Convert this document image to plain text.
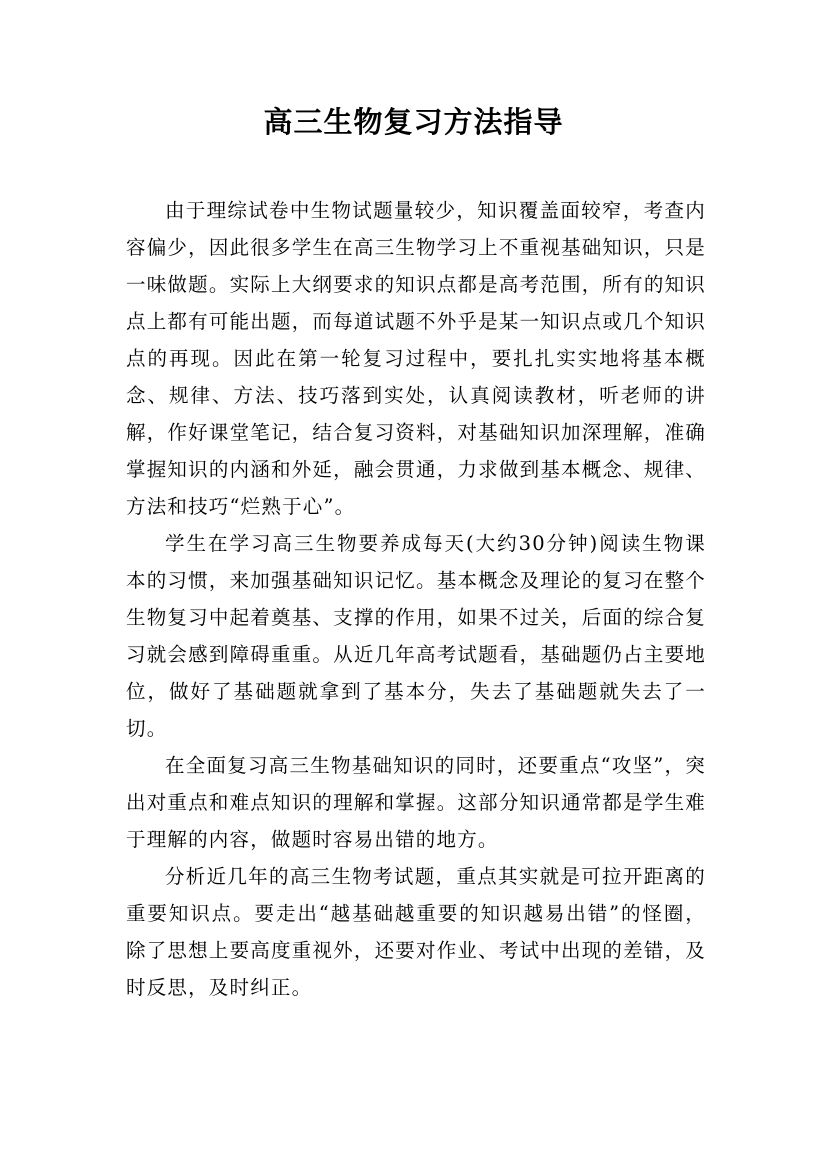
高三生物复习方法指导

由于理综试卷中生物试题量较少，知识覆盖面较窄，考查内容偏少，因此很多学生在高三生物学习上不重视基础知识，只是一味做题。实际上大纲要求的知识点都是高考范围，所有的知识点上都有可能出题，而每道试题不外乎是某一知识点或几个知识点的再现。因此在第一轮复习过程中，要扎扎实实地将基本概念、规律、方法、技巧落到实处，认真阅读教材，听老师的讲解，作好课堂笔记，结合复习资料，对基础知识加深理解，准确掌握知识的内涵和外延，融会贯通，力求做到基本概念、规律、方法和技巧“烂熟于心”。

学生在学习高三生物要养成每天(大约30分钟)阅读生物课本的习惯，来加强基础知识记忆。基本概念及理论的复习在整个生物复习中起着奠基、支撑的作用，如果不过关，后面的综合复习就会感到障碍重重。从近几年高考试题看，基础题仍占主要地位，做好了基础题就拿到了基本分，失去了基础题就失去了一切。

在全面复习高三生物基础知识的同时，还要重点“攻坚”，突出对重点和难点知识的理解和掌握。这部分知识通常都是学生难于理解的内容，做题时容易出错的地方。

分析近几年的高三生物考试题，重点其实就是可拉开距离的重要知识点。要走出“越基础越重要的知识越易出错”的怪圈，除了思想上要高度重视外，还要对作业、考试中出现的差错，及时反思，及时纠正。
